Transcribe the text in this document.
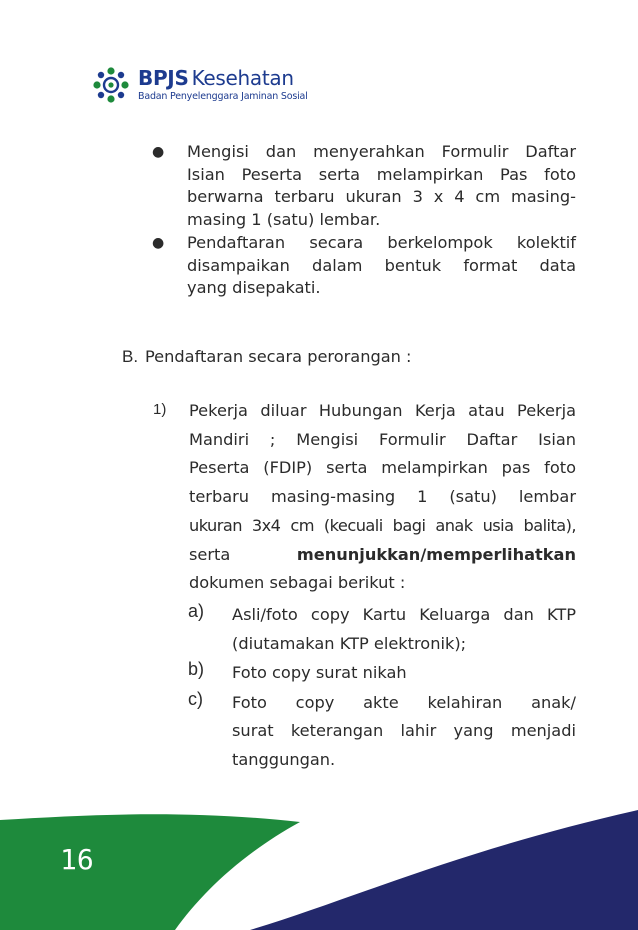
BPJS Kesehatan
Badan Penyelenggara Jaminan Sosial
● Mengisi dan menyerahkan Formulir Daftar
Isian Peserta serta melampirkan Pas foto
berwarna terbaru ukuran 3 x 4 cm masing-
masing 1 (satu) lembar.
● Pendaftaran secara berkelompok kolektif
disampaikan dalam bentuk format data
yang disepakati.
B. Pendaftaran secara perorangan :
1) Pekerja diluar Hubungan Kerja atau Pekerja
Mandiri ; Mengisi Formulir Daftar Isian
Peserta (FDIP) serta melampirkan pas foto
terbaru masing-masing 1 (satu) lembar
ukuran 3x4 cm (kecuali bagi anak usia balita),
serta	menunjukkan/memperlihatkan
dokumen sebagai berikut :
a) Asli/foto copy Kartu Keluarga dan KTP
(diutamakan KTP elektronik);
b) Foto copy surat nikah
c) Foto copy akte kelahiran anak/
surat keterangan lahir yang menjadi
tanggungan.
16
